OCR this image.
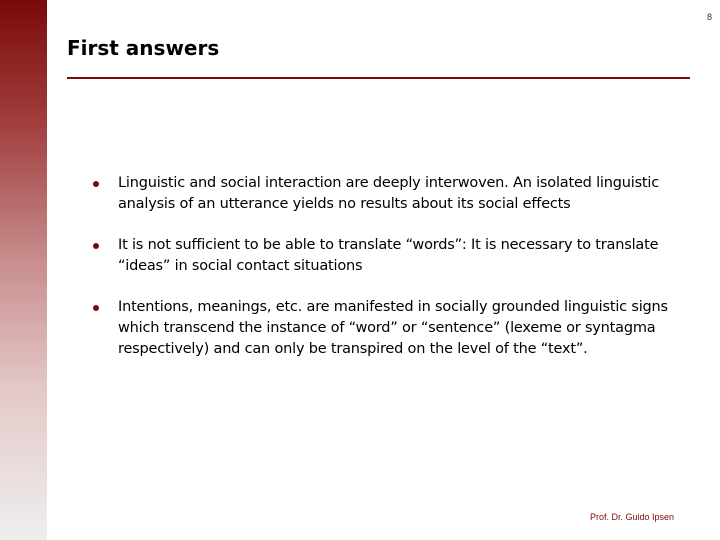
8
First answers
Linguistic and social interaction are deeply interwoven. An isolated linguistic analysis of an utterance yields no results about its social effects
It is not sufficient to be able to translate “words”: It is necessary to translate “ideas” in social contact situations
Intentions, meanings, etc. are manifested in socially grounded linguistic signs which transcend the instance of “word” or “sentence” (lexeme or syntagma respectively) and can only be transpired on the level of the “text”.
Prof. Dr. Guido Ipsen
